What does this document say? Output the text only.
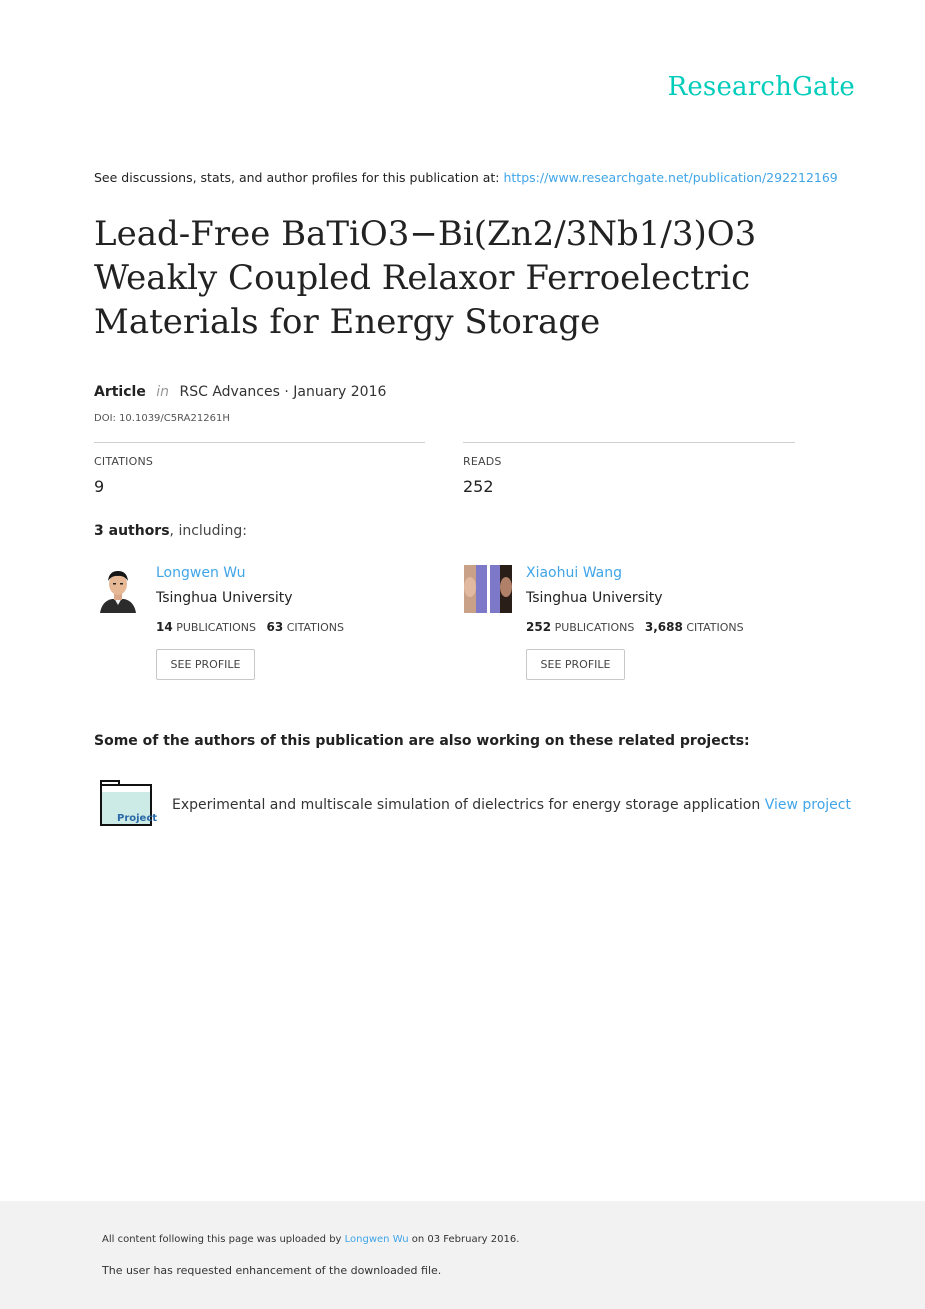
ResearchGate
See discussions, stats, and author profiles for this publication at: https://www.researchgate.net/publication/292212169
Lead-Free BaTiO3−Bi(Zn2/3Nb1/3)O3 Weakly Coupled Relaxor Ferroelectric Materials for Energy Storage
Article in RSC Advances · January 2016
DOI: 10.1039/C5RA21261H
CITATIONS
9
READS
252
3 authors, including:
Longwen Wu
Tsinghua University
14 PUBLICATIONS 63 CITATIONS
SEE PROFILE
Xiaohui Wang
Tsinghua University
252 PUBLICATIONS 3,688 CITATIONS
SEE PROFILE
Some of the authors of this publication are also working on these related projects:
Project
Experimental and multiscale simulation of dielectrics for energy storage application View project
All content following this page was uploaded by Longwen Wu on 03 February 2016.
The user has requested enhancement of the downloaded file.
